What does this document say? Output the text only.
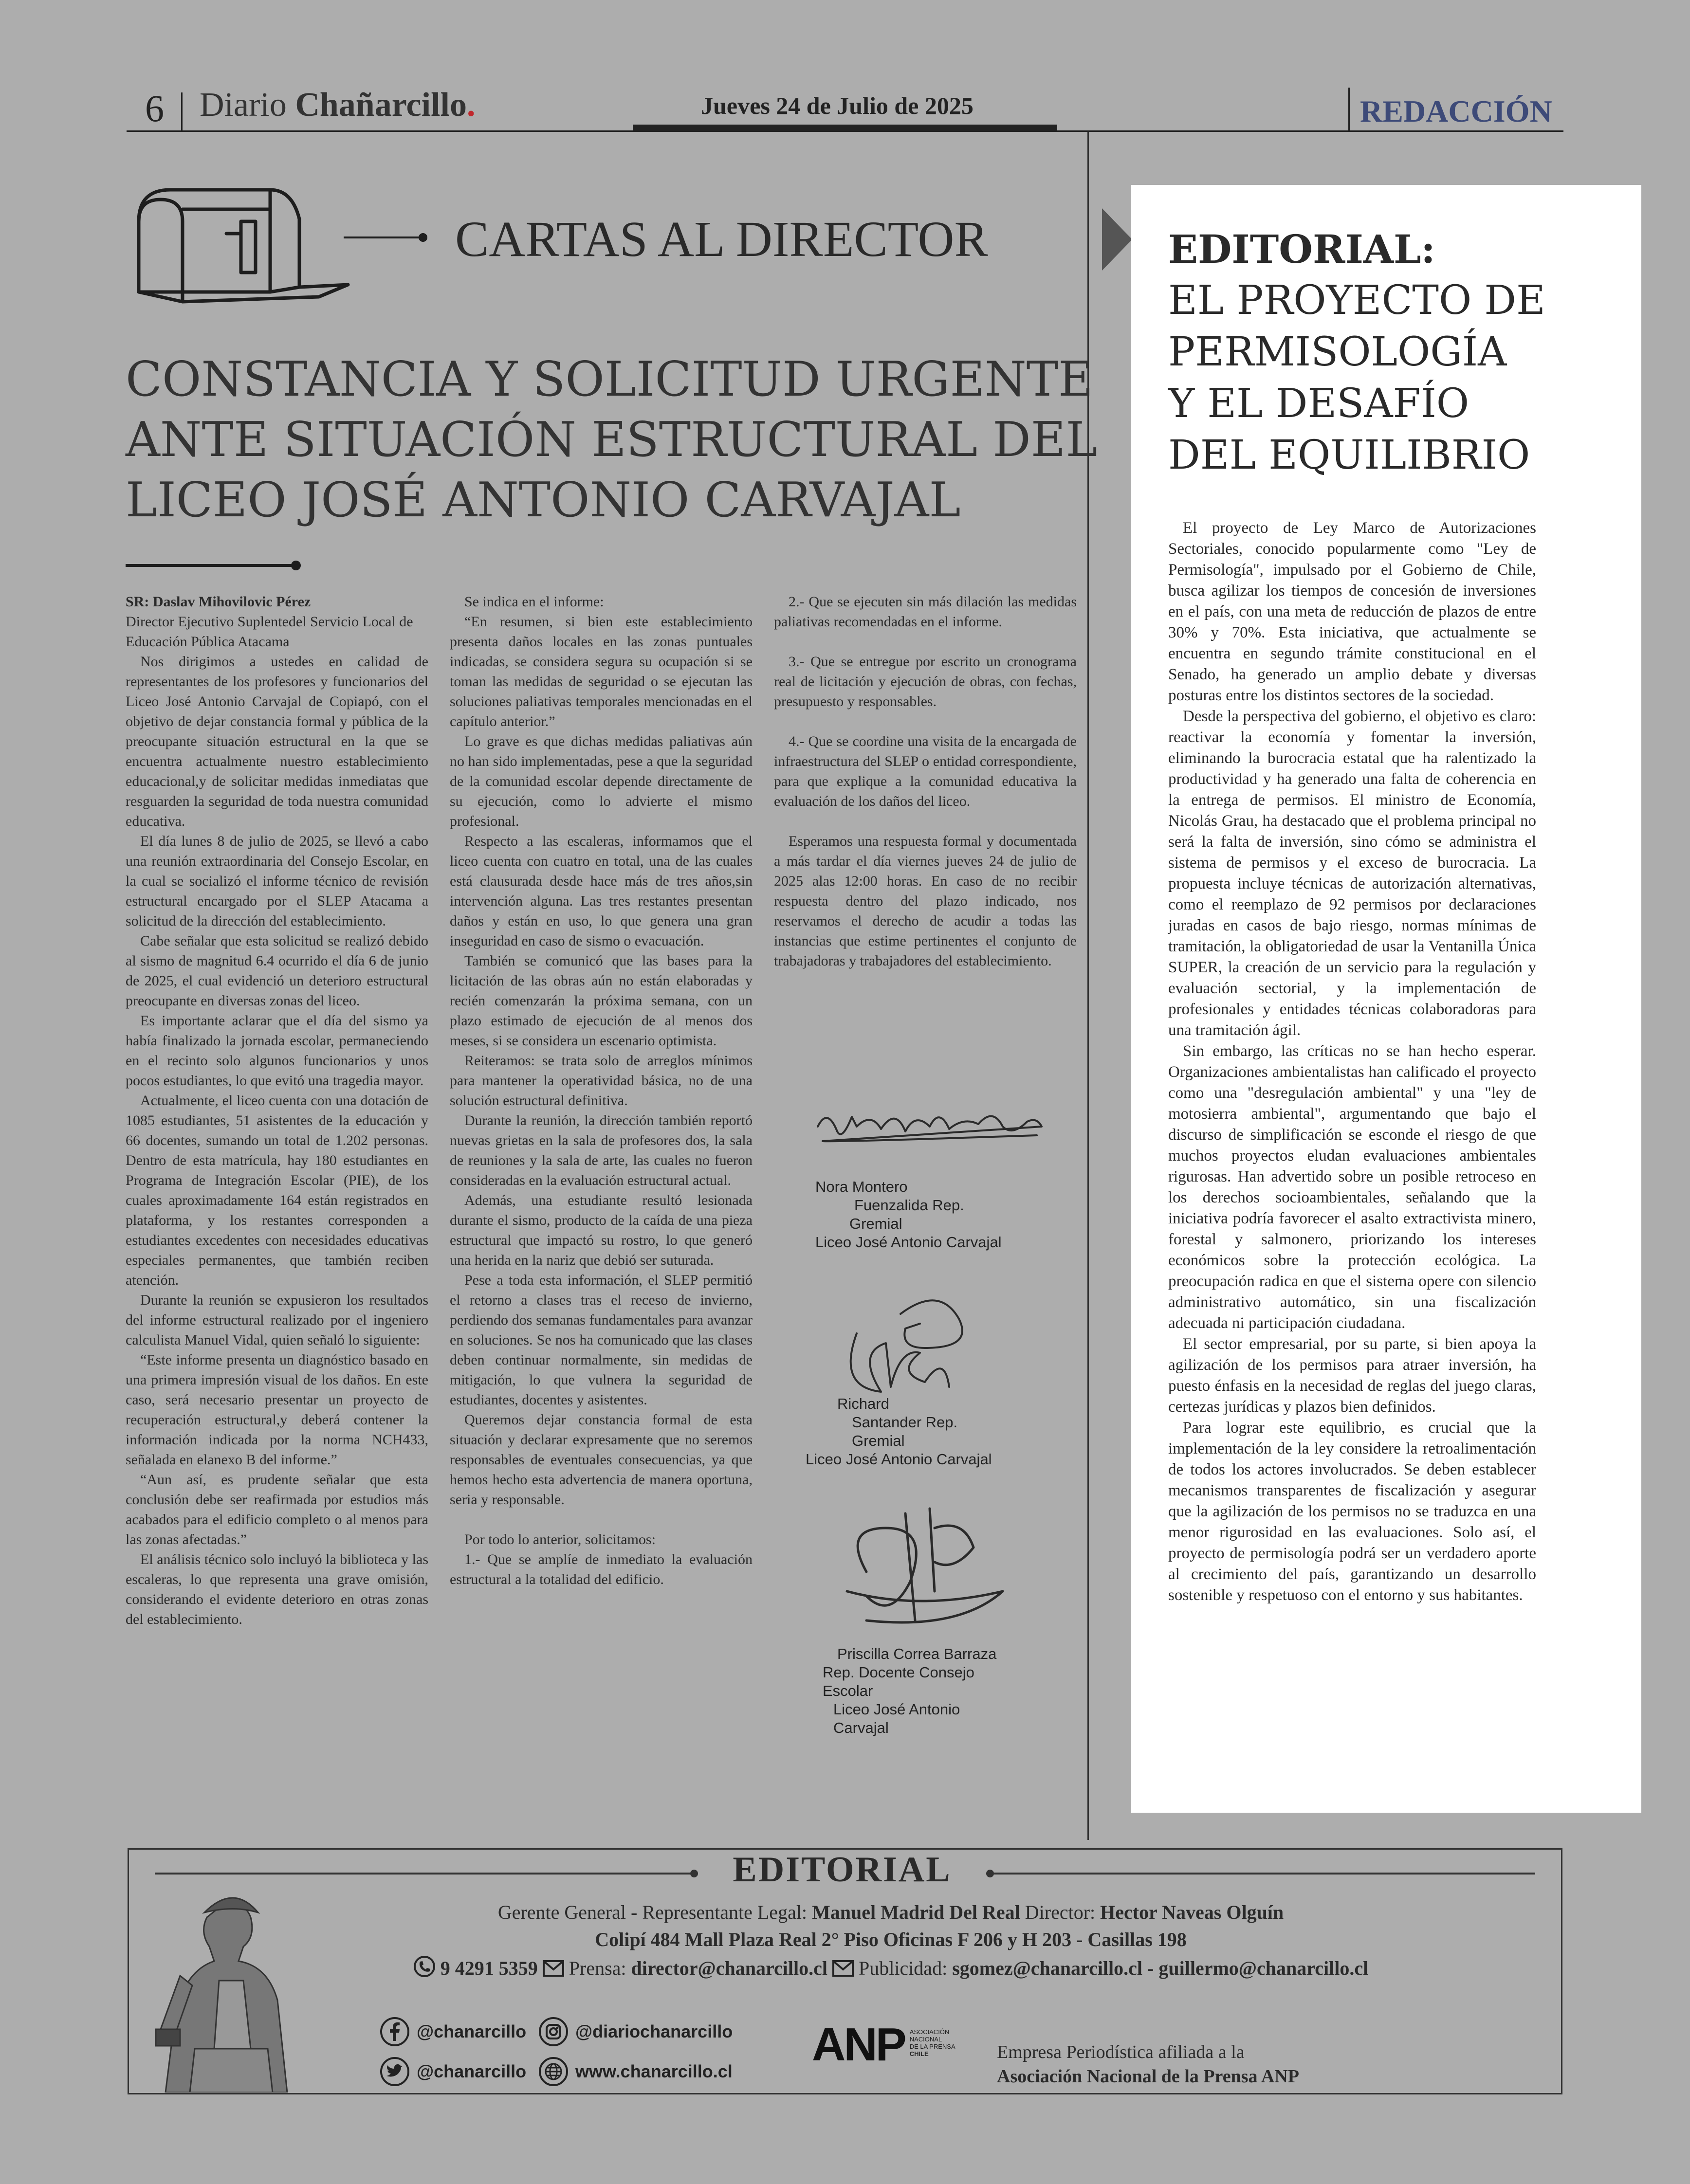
6 Diario Chañarcillo.	Jueves 24 de Julio de 2025	REDACCIÓN
CARTAS AL DIRECTOR
CONSTANCIA Y SOLICITUD URGENTE
ANTE SITUACIÓN ESTRUCTURAL DEL
LICEO JOSÉ ANTONIO CARVAJAL

SR: Daslav Mihovilovic Pérez

Director Ejecutivo Suplentedel Servicio Local de Educación Pública Atacama

Nos dirigimos a ustedes en calidad de representantes de los profesores y funcionarios del Liceo José Antonio Carvajal de Copiapó, con el objetivo de dejar constancia formal y pública de la preocupante situación estructural en la que se encuentra actualmente nuestro establecimiento educacional,y de solicitar medidas inmediatas que resguarden la seguridad de toda nuestra comunidad educativa.

El día lunes 8 de julio de 2025, se llevó a cabo una reunión extraordinaria del Consejo Escolar, en la cual se socializó el informe técnico de revisión estructural encargado por el SLEP Atacama a solicitud de la dirección del establecimiento.

Cabe señalar que esta solicitud se realizó debido al sismo de magnitud 6.4 ocurrido el día 6 de junio de 2025, el cual evidenció un deterioro estructural preocupante en diversas zonas del liceo.

Es importante aclarar que el día del sismo ya había finalizado la jornada escolar, permaneciendo en el recinto solo algunos funcionarios y unos pocos estudiantes, lo que evitó una tragedia mayor.

Actualmente, el liceo cuenta con una dotación de 1085 estudiantes, 51 asistentes de la educación y 66 docentes, sumando un total de 1.202 personas. Dentro de esta matrícula, hay 180 estudiantes en Programa de Integración Escolar (PIE), de los cuales aproximadamente 164 están registrados en plataforma, y los restantes corresponden a estudiantes excedentes con necesidades educativas especiales permanentes, que también reciben atención.

Durante la reunión se expusieron los resultados del informe estructural realizado por el ingeniero calculista Manuel Vidal, quien señaló lo siguiente:

“Este informe presenta un diagnóstico basado en una primera impresión visual de los daños. En este caso, será necesario presentar un proyecto de recuperación estructural,y deberá contener la información indicada por la norma NCH433, señalada en elanexo B del informe.”

“Aun así, es prudente señalar que esta conclusión debe ser reafirmada por estudios más acabados para el edificio completo o al menos para las zonas afectadas.”

El análisis técnico solo incluyó la biblioteca y las escaleras, lo que representa una grave omisión, considerando el evidente deterioro en otras zonas del establecimiento.

Se indica en el informe:

“En resumen, si bien este establecimiento presenta daños locales en las zonas puntuales indicadas, se considera segura su ocupación si se toman las medidas de seguridad o se ejecutan las soluciones paliativas temporales mencionadas en el capítulo anterior.”

Lo grave es que dichas medidas paliativas aún no han sido implementadas, pese a que la seguridad de la comunidad escolar depende directamente de su ejecución, como lo advierte el mismo profesional.

Respecto a las escaleras, informamos que el liceo cuenta con cuatro en total, una de las cuales está clausurada desde hace más de tres años,sin intervención alguna. Las tres restantes presentan daños y están en uso, lo que genera una gran inseguridad en caso de sismo o evacuación.

También se comunicó que las bases para la licitación de las obras aún no están elaboradas y recién comenzarán la próxima semana, con un plazo estimado de ejecución de al menos dos meses, si se considera un escenario optimista.

Reiteramos: se trata solo de arreglos mínimos para mantener la operatividad básica, no de una solución estructural definitiva.

Durante la reunión, la dirección también reportó nuevas grietas en la sala de profesores dos, la sala de reuniones y la sala de arte, las cuales no fueron consideradas en la evaluación estructural actual.

Además, una estudiante resultó lesionada durante el sismo, producto de la caída de una pieza estructural que impactó su rostro, lo que generó una herida en la nariz que debió ser suturada.

Pese a toda esta información, el SLEP permitió el retorno a clases tras el receso de invierno, perdiendo dos semanas fundamentales para avanzar en soluciones. Se nos ha comunicado que las clases deben continuar normalmente, sin medidas de mitigación, lo que vulnera la seguridad de estudiantes, docentes y asistentes.

Queremos dejar constancia formal de esta situación y declarar expresamente que no seremos responsables de eventuales consecuencias, ya que hemos hecho esta advertencia de manera oportuna, seria y responsable.

Por todo lo anterior, solicitamos:

1.- Que se amplíe de inmediato la evaluación estructural a la totalidad del edificio.

2.- Que se ejecuten sin más dilación las medidas paliativas recomendadas en el informe.

3.- Que se entregue por escrito un cronograma real de licitación y ejecución de obras, con fechas, presupuesto y responsables.

4.- Que se coordine una visita de la encargada de infraestructura del SLEP o entidad correspondiente, para que explique a la comunidad educativa la evaluación de los daños del liceo.

Esperamos una respuesta formal y documentada a más tardar el día viernes jueves 24 de julio de 2025 alas 12:00 horas. En caso de no recibir respuesta dentro del plazo indicado, nos reservamos el derecho de acudir a todas las instancias que estime pertinentes el conjunto de trabajadoras y trabajadores del establecimiento.

Nora Montero
Fuenzalida Rep.
Gremial
Liceo José Antonio Carvajal
Richard
Santander Rep.
Gremial
Liceo José Antonio Carvajal
Priscilla Correa Barraza
Rep. Docente Consejo
Escolar
Liceo José Antonio
Carvajal
EDITORIAL:
EL PROYECTO DE
PERMISOLOGÍA
Y EL DESAFÍO
DEL EQUILIBRIO

El proyecto de Ley Marco de Autorizaciones Sectoriales, conocido popularmente como "Ley de Permisología", impulsado por el Gobierno de Chile, busca agilizar los tiempos de concesión de inversiones en el país, con una meta de reducción de plazos de entre 30% y 70%. Esta iniciativa, que actualmente se encuentra en segundo trámite constitucional en el Senado, ha generado un amplio debate y diversas posturas entre los distintos sectores de la sociedad.

Desde la perspectiva del gobierno, el objetivo es claro: reactivar la economía y fomentar la inversión, eliminando la burocracia estatal que ha ralentizado la productividad y ha generado una falta de coherencia en la entrega de permisos. El ministro de Economía, Nicolás Grau, ha destacado que el problema principal no será la falta de inversión, sino cómo se administra el sistema de permisos y el exceso de burocracia. La propuesta incluye técnicas de autorización alternativas, como el reemplazo de 92 permisos por declaraciones juradas en casos de bajo riesgo, normas mínimas de tramitación, la obligatoriedad de usar la Ventanilla Única SUPER, la creación de un servicio para la regulación y evaluación sectorial, y la implementación de profesionales y entidades técnicas colaboradoras para una tramitación ágil.

Sin embargo, las críticas no se han hecho esperar. Organizaciones ambientalistas han calificado el proyecto como una "desregulación ambiental" y una "ley de motosierra ambiental", argumentando que bajo el discurso de simplificación se esconde el riesgo de que muchos proyectos eludan evaluaciones ambientales rigurosas. Han advertido sobre un posible retroceso en los derechos socioambientales, señalando que la iniciativa podría favorecer el asalto extractivista minero, forestal y salmonero, priorizando los intereses económicos sobre la protección ecológica. La preocupación radica en que el sistema opere con silencio administrativo automático, sin una fiscalización adecuada ni participación ciudadana.

El sector empresarial, por su parte, si bien apoya la agilización de los permisos para atraer inversión, ha puesto énfasis en la necesidad de reglas del juego claras, certezas jurídicas y plazos bien definidos.

Para lograr este equilibrio, es crucial que la implementación de la ley considere la retroalimentación de todos los actores involucrados. Se deben establecer mecanismos transparentes de fiscalización y asegurar que la agilización de los permisos no se traduzca en una menor rigurosidad en las evaluaciones. Solo así, el proyecto de permisología podrá ser un verdadero aporte al crecimiento del país, garantizando un desarrollo sostenible y respetuoso con el entorno y sus habitantes.

EDITORIAL
Gerente General - Representante Legal: Manuel Madrid Del Real Director: Hector Naveas Olguín
Colipí 484 Mall Plaza Real 2° Piso Oficinas F 206 y H 203 - Casillas 198
9 4291 5359 Prensa: director@chanarcillo.cl Publicidad: sgomez@chanarcillo.cl - guillermo@chanarcillo.cl
@chanarcillo	@diariochanarcillo
@chanarcillo	www.chanarcillo.cl
ANP ASOCIACIÓN
NACIONAL
DE LA PRENSA
CHILE	Empresa Periodística afiliada a la
Asociación Nacional de la Prensa ANP
